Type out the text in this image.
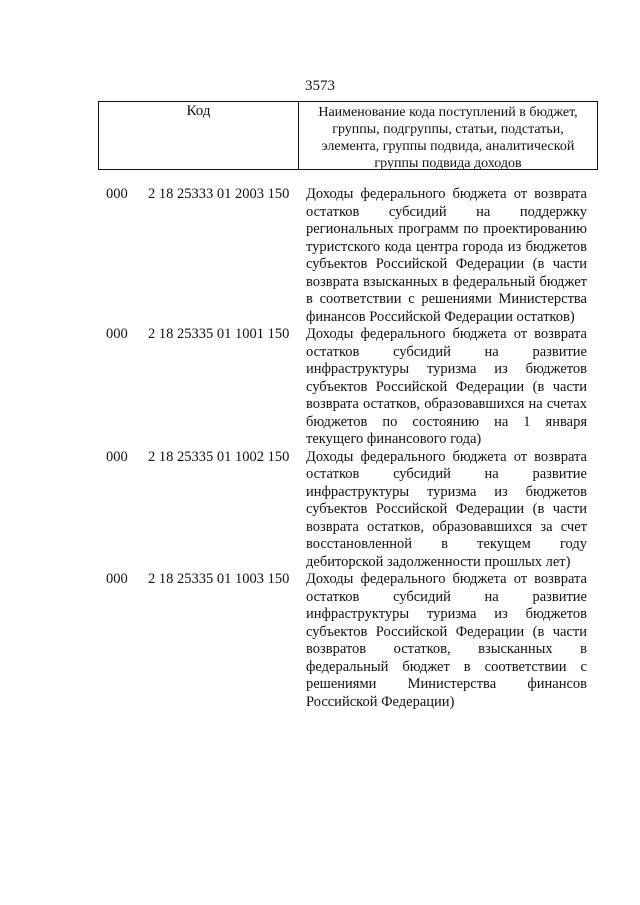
3573
Код	Наименование кода поступлений в бюджет, группы, подгруппы, статьи, подстатьи, элемента, группы подвида, аналитической группы подвида доходов
000 2 18 25333 01 2003 150 Доходы федерального бюджета от возврата остатков субсидий на поддержку региональных программ по проектированию туристского кода центра города из бюджетов субъектов Российской Федерации (в части возврата взысканных в федеральный бюджет в соответствии с решениями Министерства финансов Российской Федерации остатков)
000 2 18 25335 01 1001 150 Доходы федерального бюджета от возврата остатков субсидий на развитие инфраструктуры туризма из бюджетов субъектов Российской Федерации (в части возврата остатков, образовавшихся на счетах бюджетов по состоянию на 1 января текущего финансового года)
000 2 18 25335 01 1002 150 Доходы федерального бюджета от возврата остатков субсидий на развитие инфраструктуры туризма из бюджетов субъектов Российской Федерации (в части возврата остатков, образовавшихся за счет восстановленной в текущем году дебиторской задолженности прошлых лет)
000 2 18 25335 01 1003 150 Доходы федерального бюджета от возврата остатков субсидий на развитие инфраструктуры туризма из бюджетов субъектов Российской Федерации (в части возвратов остатков, взысканных в федеральный бюджет в соответствии с решениями Министерства финансов Российской Федерации)
